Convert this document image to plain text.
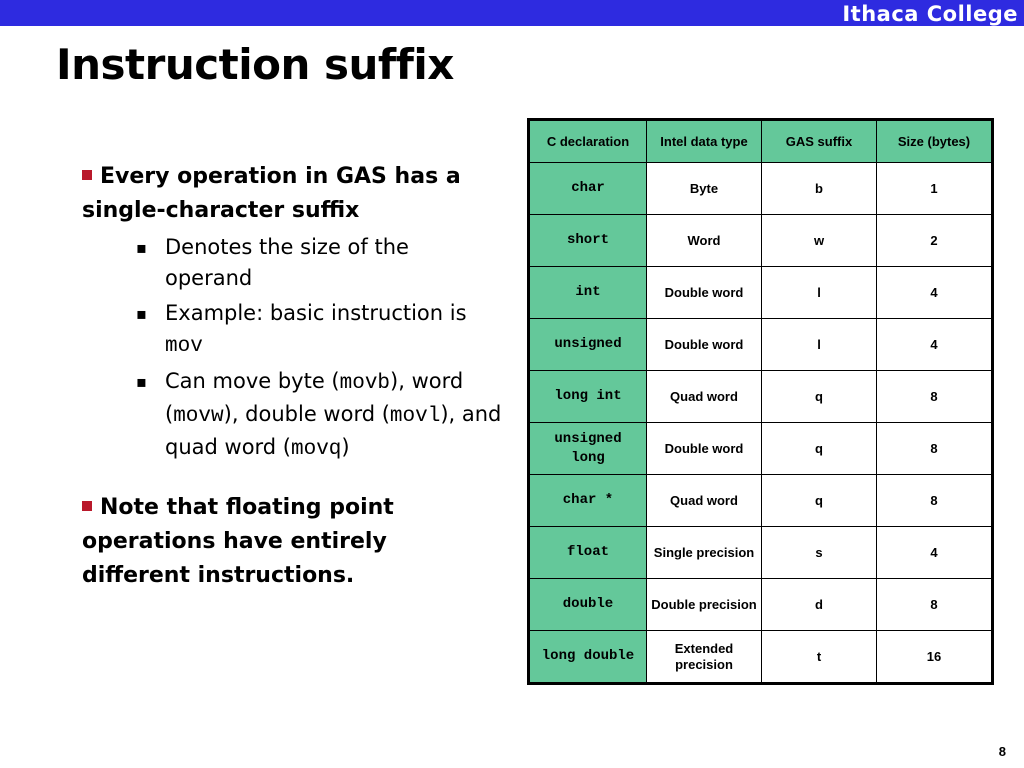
Ithaca College
Instruction suffix
Every operation in GAS has a single-character suffix
▪ Denotes the size of the operand
▪ Example: basic instruction is mov
▪ Can move byte (movb), word (movw), double word (movl), and quad word (movq)
Note that floating point operations have entirely different instructions.
C declaration	Intel data type	GAS suffix	Size (bytes)
char	Byte	b	1
short	Word	w	2
int	Double word	l	4
unsigned	Double word	l	4
long int	Quad word	q	8
unsigned long	Double word	q	8
char *	Quad word	q	8
float	Single precision	s	4
double	Double precision	d	8
long double	Extended precision	t	16
8
